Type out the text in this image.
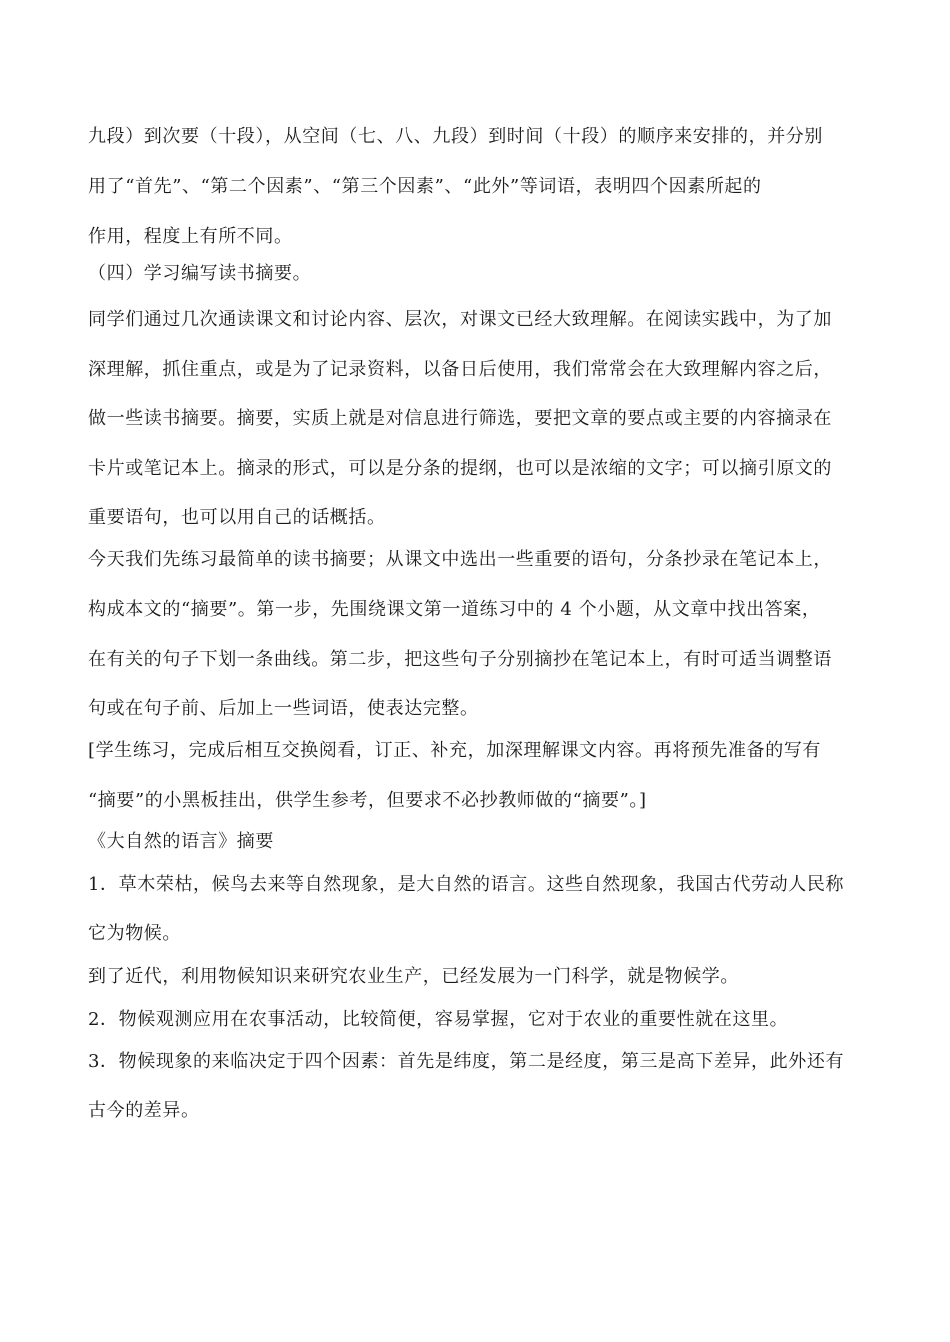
九段）到次要（十段），从空间（七、八、九段）到时间（十段）的顺序来安排的，并分别
用了“首先”、“第二个因素”、“第三个因素”、“此外”等词语，表明四个因素所起的
作用，程度上有所不同。
（四）学习编写读书摘要。
同学们通过几次通读课文和讨论内容、层次，对课文已经大致理解。在阅读实践中，为了加
深理解，抓住重点，或是为了记录资料，以备日后使用，我们常常会在大致理解内容之后，
做一些读书摘要。摘要，实质上就是对信息进行筛选，要把文章的要点或主要的内容摘录在
卡片或笔记本上。摘录的形式，可以是分条的提纲，也可以是浓缩的文字；可以摘引原文的
重要语句，也可以用自己的话概括。
今天我们先练习最简单的读书摘要；从课文中选出一些重要的语句，分条抄录在笔记本上，
构成本文的“摘要”。第一步，先围绕课文第一道练习中的 4 个小题，从文章中找出答案，
在有关的句子下划一条曲线。第二步，把这些句子分别摘抄在笔记本上，有时可适当调整语
句或在句子前、后加上一些词语，使表达完整。
[学生练习，完成后相互交换阅看，订正、补充，加深理解课文内容。再将预先准备的写有
“摘要”的小黑板挂出，供学生参考，但要求不必抄教师做的“摘要”。]
《大自然的语言》摘要
1．草木荣枯，候鸟去来等自然现象，是大自然的语言。这些自然现象，我国古代劳动人民称
它为物候。
到了近代，利用物候知识来研究农业生产，已经发展为一门科学，就是物候学。
2．物候观测应用在农事活动，比较简便，容易掌握，它对于农业的重要性就在这里。
3．物候现象的来临决定于四个因素：首先是纬度，第二是经度，第三是高下差异，此外还有
古今的差异。
